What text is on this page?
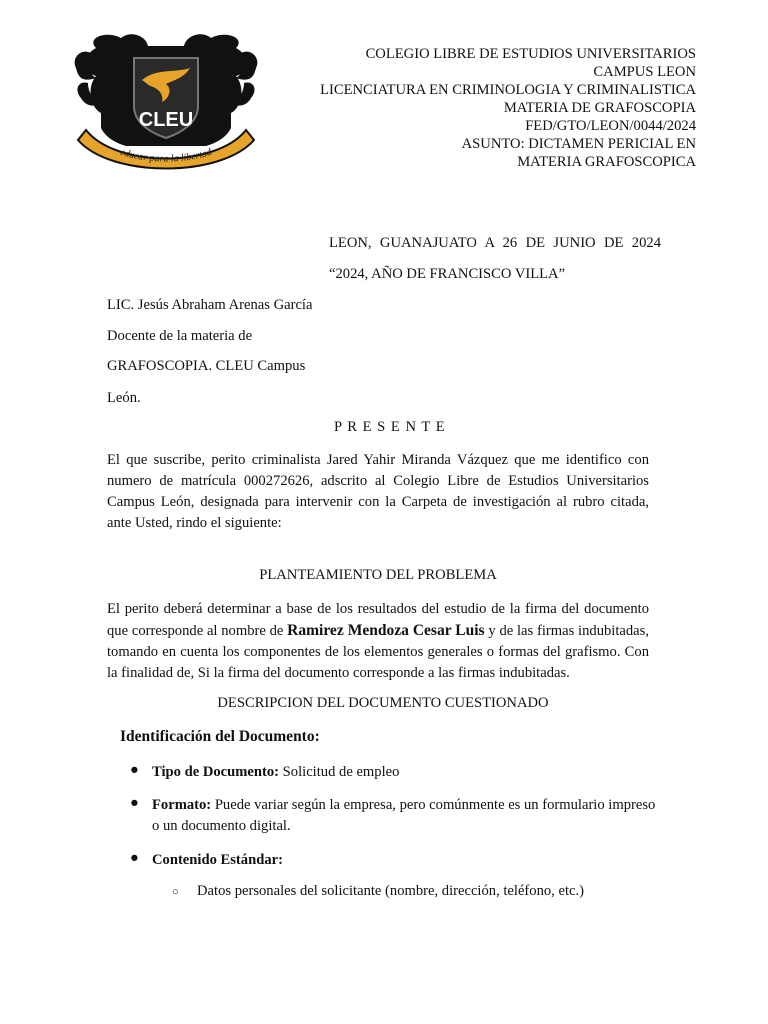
CLEU
educar para la libertad
COLEGIO LIBRE DE ESTUDIOS UNIVERSITARIOS
CAMPUS LEON
LICENCIATURA EN CRIMINOLOGIA Y CRIMINALISTICA
MATERIA DE GRAFOSCOPIA
FED/GTO/LEON/0044/2024
ASUNTO: DICTAMEN PERICIAL EN
MATERIA GRAFOSCOPICA
LEON, GUANAJUATO A 26 DE JUNIO DE 2024
“2024, AÑO DE FRANCISCO VILLA”
LIC. Jesús Abraham Arenas García
Docente de la materia de
GRAFOSCOPIA. CLEU Campus
León.
P R E S E N T E
El que suscribe, perito criminalista Jared Yahir Miranda Vázquez que me identifico con numero de matrícula 000272626, adscrito al Colegio Libre de Estudios Universitarios Campus León, designada para intervenir con la Carpeta de investigación al rubro citada, ante Usted, rindo el siguiente:
PLANTEAMIENTO DEL PROBLEMA
El perito deberá determinar a base de los resultados del estudio de la firma del documento que corresponde al nombre de Ramirez Mendoza Cesar Luis y de las firmas indubitadas, tomando en cuenta los componentes de los elementos generales o formas del grafismo. Con la finalidad de, Si la firma del documento corresponde a las firmas indubitadas.
DESCRIPCION DEL DOCUMENTO CUESTIONADO
Identificación del Documento:
● Tipo de Documento: Solicitud de empleo
● Formato: Puede variar según la empresa, pero comúnmente es un formulario impreso o un documento digital.
● Contenido Estándar:
○ Datos personales del solicitante (nombre, dirección, teléfono, etc.)
